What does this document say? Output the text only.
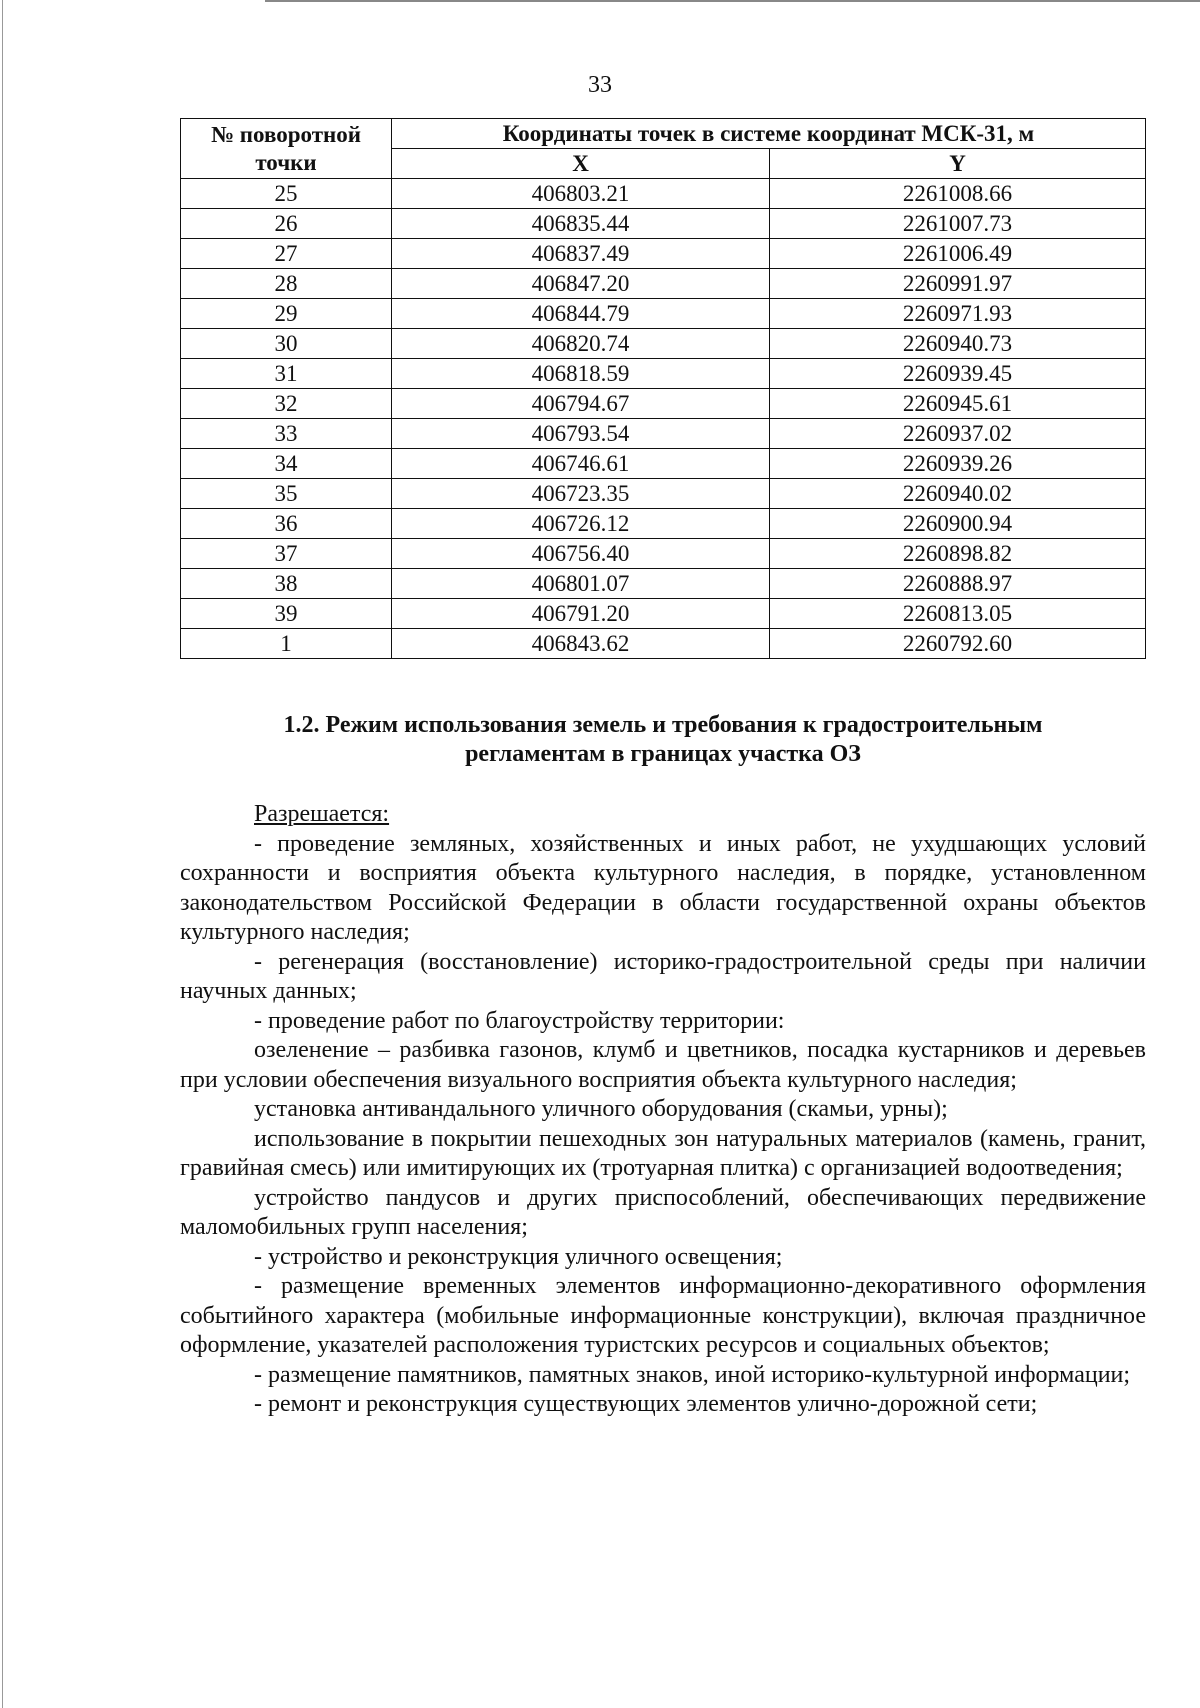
33
№ поворотной точки	Координаты точек в системе координат МСК-31, м	
	X	Y
25	406803.21	2261008.66
26	406835.44	2261007.73
27	406837.49	2261006.49
28	406847.20	2260991.97
29	406844.79	2260971.93
30	406820.74	2260940.73
31	406818.59	2260939.45
32	406794.67	2260945.61
33	406793.54	2260937.02
34	406746.61	2260939.26
35	406723.35	2260940.02
36	406726.12	2260900.94
37	406756.40	2260898.82
38	406801.07	2260888.97
39	406791.20	2260813.05
1	406843.62	2260792.60
1.2. Режим использования земель и требования к градостроительным
регламентам в границах участка ОЗ
Разрешается:

- проведение земляных, хозяйственных и иных работ, не ухудшающих условий сохранности и восприятия объекта культурного наследия, в порядке, установленном законодательством Российской Федерации в области государственной охраны объектов культурного наследия;

- регенерация (восстановление) историко-градостроительной среды при наличии научных данных;

- проведение работ по благоустройству территории:

озеленение – разбивка газонов, клумб и цветников, посадка кустарников и деревьев при условии обеспечения визуального восприятия объекта культурного наследия;

установка антивандального уличного оборудования (скамьи, урны);

использование в покрытии пешеходных зон натуральных материалов (камень, гранит, гравийная смесь) или имитирующих их (тротуарная плитка) с организацией водоотведения;

устройство пандусов и других приспособлений, обеспечивающих передвижение маломобильных групп населения;

- устройство и реконструкция уличного освещения;

- размещение временных элементов информационно-декоративного оформления событийного характера (мобильные информационные конструкции), включая праздничное оформление, указателей расположения туристских ресурсов и социальных объектов;

- размещение памятников, памятных знаков, иной историко-культурной информации;

- ремонт и реконструкция существующих элементов улично-дорожной сети;
